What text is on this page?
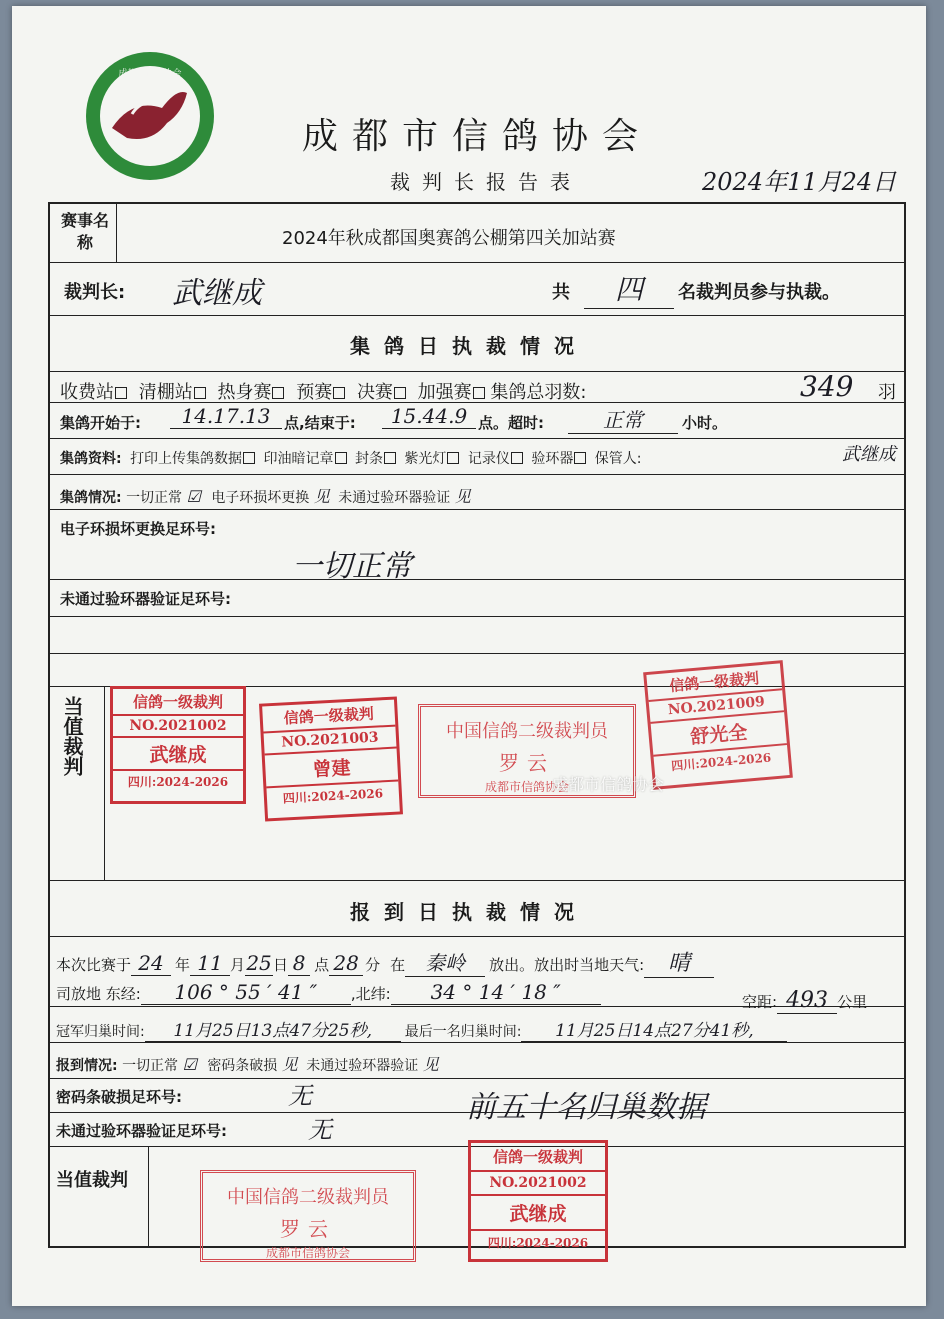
成都市信鸽协会
成都市信鸽协会
裁判长报告表	2024年11月24日
赛事名称	2024年秋成都国奥赛鸽公棚第四关加站赛
裁判长: 武继成	共	四	名裁判员参与执裁。
集鸽日执裁情况
收费站 清棚站 热身赛 预赛 决赛 加强赛 集鸽总羽数:	349 羽
集鸽开始于:	14.17.13 点,结束于:	15.44.9 点。超时:	正常	小时。
集鸽资料: 打印上传集鸽数据 印油暗记章 封条 紫光灯 记录仪 验环器 保管人:	武继成
集鸽情况: 一切正常 ☑ 电子环损坏更换 见 未通过验环器验证 见
电子环损坏更换足环号:
一切正常
未通过验环器验证足环号:
当值裁判	信鸽一级裁判
NO.2021002
武继成
四川:2024-2026
信鸽一级裁判
NO.2021003
曾建
四川:2024-2026
中国信鸽二级裁判员
罗云
成都市信鸽协会
信鸽一级裁判
NO.2021009
舒光全
四川:2024-2026
成都市信鸽协会
报到日执裁情况
本次比赛于 24 年 11 月25日 8 点 28 分 在 秦岭 放出。放出时当地天气: 晴
司放地 东经: 106 ° 55 ′ 41 ″ ,北纬: 34 ° 14 ′ 18 ″	空距: 493 公里
冠军归巢时间: 11月25日13点47分25秒, 最后一名归巢时间: 11月25日14点27分41秒,
报到情况: 一切正常 ☑ 密码条破损 见 未通过验环器验证 见
密码条破损足环号:	无	前五十名归巢数据
未通过验环器验证足环号:	无
当值裁判
中国信鸽二级裁判员
罗云
成都市信鸽协会
信鸽一级裁判
NO.2021002
武继成
四川:2024-2026
